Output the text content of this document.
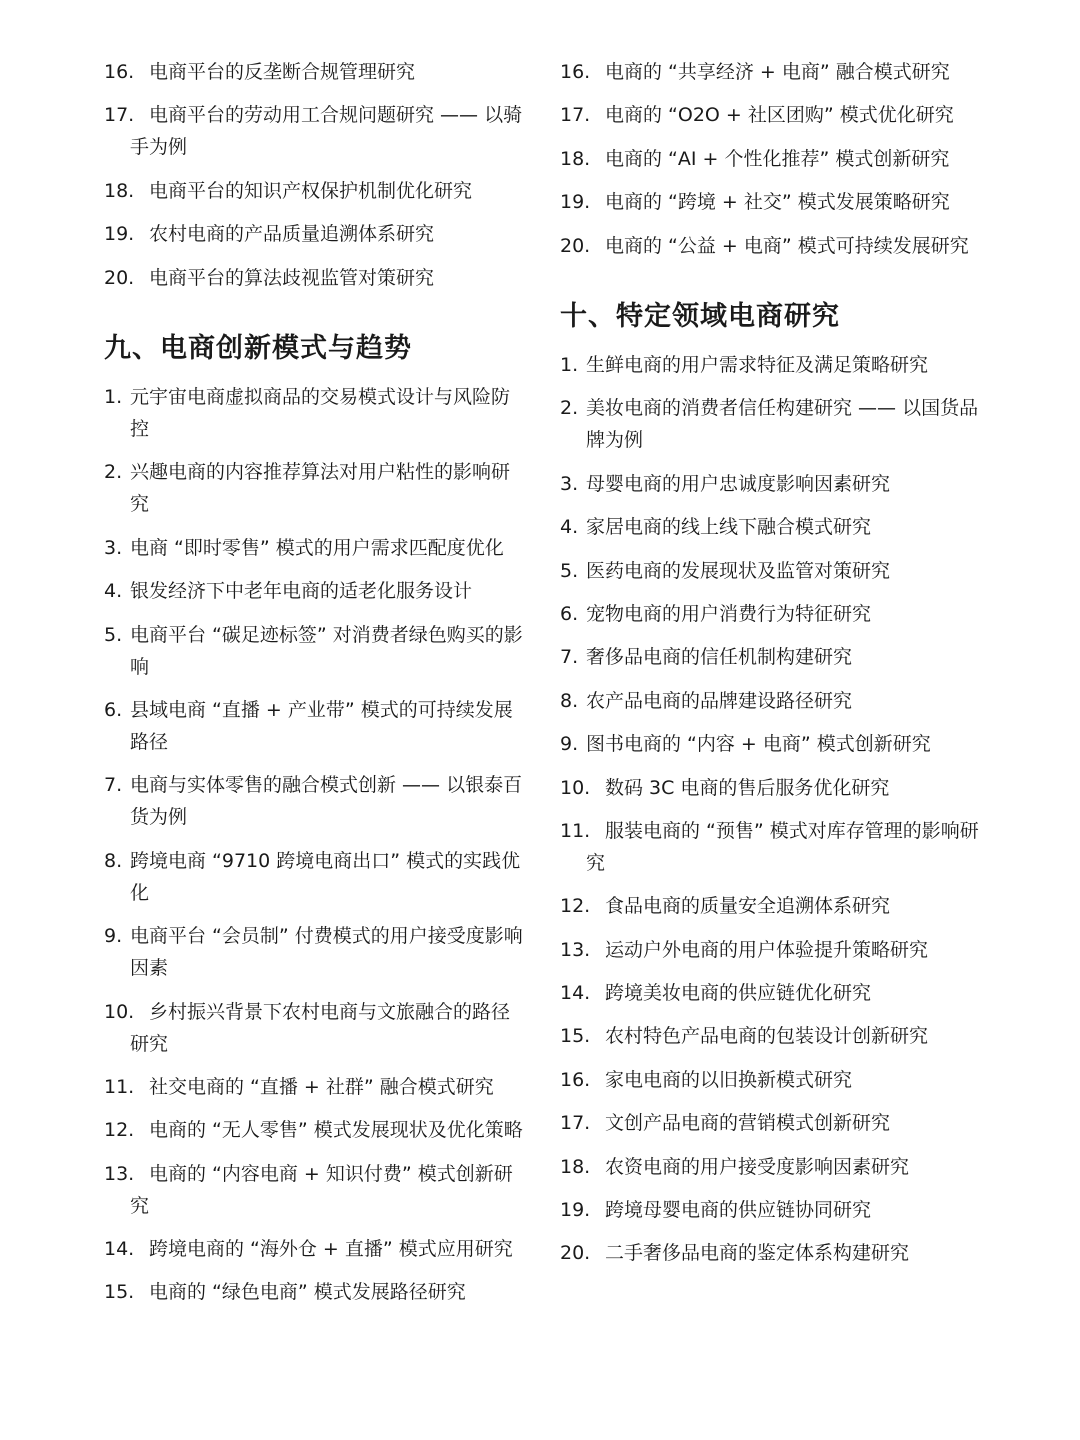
16. 电商平台的反垄断合规管理研究
17. 电商平台的劳动用工合规问题研究 —— 以骑手为例
18. 电商平台的知识产权保护机制优化研究
19. 农村电商的产品质量追溯体系研究
20. 电商平台的算法歧视监管对策研究
九、电商创新模式与趋势
1. 元宇宙电商虚拟商品的交易模式设计与风险防控
2. 兴趣电商的内容推荐算法对用户粘性的影响研究
3. 电商 “即时零售” 模式的用户需求匹配度优化
4. 银发经济下中老年电商的适老化服务设计
5. 电商平台 “碳足迹标签” 对消费者绿色购买的影响
6. 县域电商 “直播 + 产业带” 模式的可持续发展路径
7. 电商与实体零售的融合模式创新 —— 以银泰百货为例
8. 跨境电商 “9710 跨境电商出口” 模式的实践优化
9. 电商平台 “会员制” 付费模式的用户接受度影响因素
10. 乡村振兴背景下农村电商与文旅融合的路径研究
11. 社交电商的 “直播 + 社群” 融合模式研究
12. 电商的 “无人零售” 模式发展现状及优化策略
13. 电商的 “内容电商 + 知识付费” 模式创新研究
14. 跨境电商的 “海外仓 + 直播” 模式应用研究
15. 电商的 “绿色电商” 模式发展路径研究
16. 电商的 “共享经济 + 电商” 融合模式研究
17. 电商的 “O2O + 社区团购” 模式优化研究
18. 电商的 “AI + 个性化推荐” 模式创新研究
19. 电商的 “跨境 + 社交” 模式发展策略研究
20. 电商的 “公益 + 电商” 模式可持续发展研究
十、特定领域电商研究
1. 生鲜电商的用户需求特征及满足策略研究
2. 美妆电商的消费者信任构建研究 —— 以国货品牌为例
3. 母婴电商的用户忠诚度影响因素研究
4. 家居电商的线上线下融合模式研究
5. 医药电商的发展现状及监管对策研究
6. 宠物电商的用户消费行为特征研究
7. 奢侈品电商的信任机制构建研究
8. 农产品电商的品牌建设路径研究
9. 图书电商的 “内容 + 电商” 模式创新研究
10. 数码 3C 电商的售后服务优化研究
11. 服装电商的 “预售” 模式对库存管理的影响研究
12. 食品电商的质量安全追溯体系研究
13. 运动户外电商的用户体验提升策略研究
14. 跨境美妆电商的供应链优化研究
15. 农村特色产品电商的包装设计创新研究
16. 家电电商的以旧换新模式研究
17. 文创产品电商的营销模式创新研究
18. 农资电商的用户接受度影响因素研究
19. 跨境母婴电商的供应链协同研究
20. 二手奢侈品电商的鉴定体系构建研究
